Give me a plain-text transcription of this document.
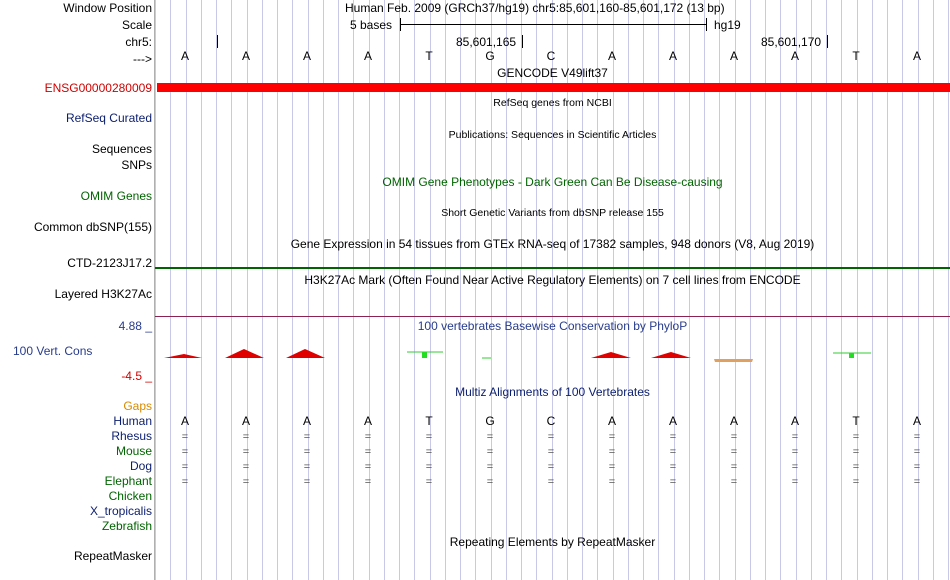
Window Position
Scale
chr5:
--->
ENSG00000280009
RefSeq Curated
Sequences
SNPs
OMIM Genes
Common dbSNP(155)
CTD-2123J17.2
Layered H3K27Ac
4.88 _
100 Vert. Cons
-4.5 _
Gaps
Human
Rhesus
Mouse
Dog
Elephant
Chicken
X_tropicalis
Zebrafish
RepeatMasker
Human Feb. 2009 (GRCh37/hg19) chr5:85,601,160-85,601,172 (13 bp)
5 bases	hg19
85,601,165	85,601,170
A	A	A	A	T	G	C	A	A	A	A	T	A
GENCODE V49lift37
RefSeq genes from NCBI
Publications: Sequences in Scientific Articles
OMIM Gene Phenotypes - Dark Green Can Be Disease-causing
Short Genetic Variants from dbSNP release 155
Gene Expression in 54 tissues from GTEx RNA-seq of 17382 samples, 948 donors (V8, Aug 2019)
H3K27Ac Mark (Often Found Near Active Regulatory Elements) on 7 cell lines from ENCODE
100 vertebrates Basewise Conservation by PhyloP
Multiz Alignments of 100 Vertebrates
A	A	A	A	T	G	C	A	A	A	A	T	A
=	=	=	=	=	=	=	=	=	=	=	=	=
=	=	=	=	=	=	=	=	=	=	=	=	=
=	=	=	=	=	=	=	=	=	=	=	=	=
=	=	=	=	=	=	=	=	=	=	=	=	=
Repeating Elements by RepeatMasker
